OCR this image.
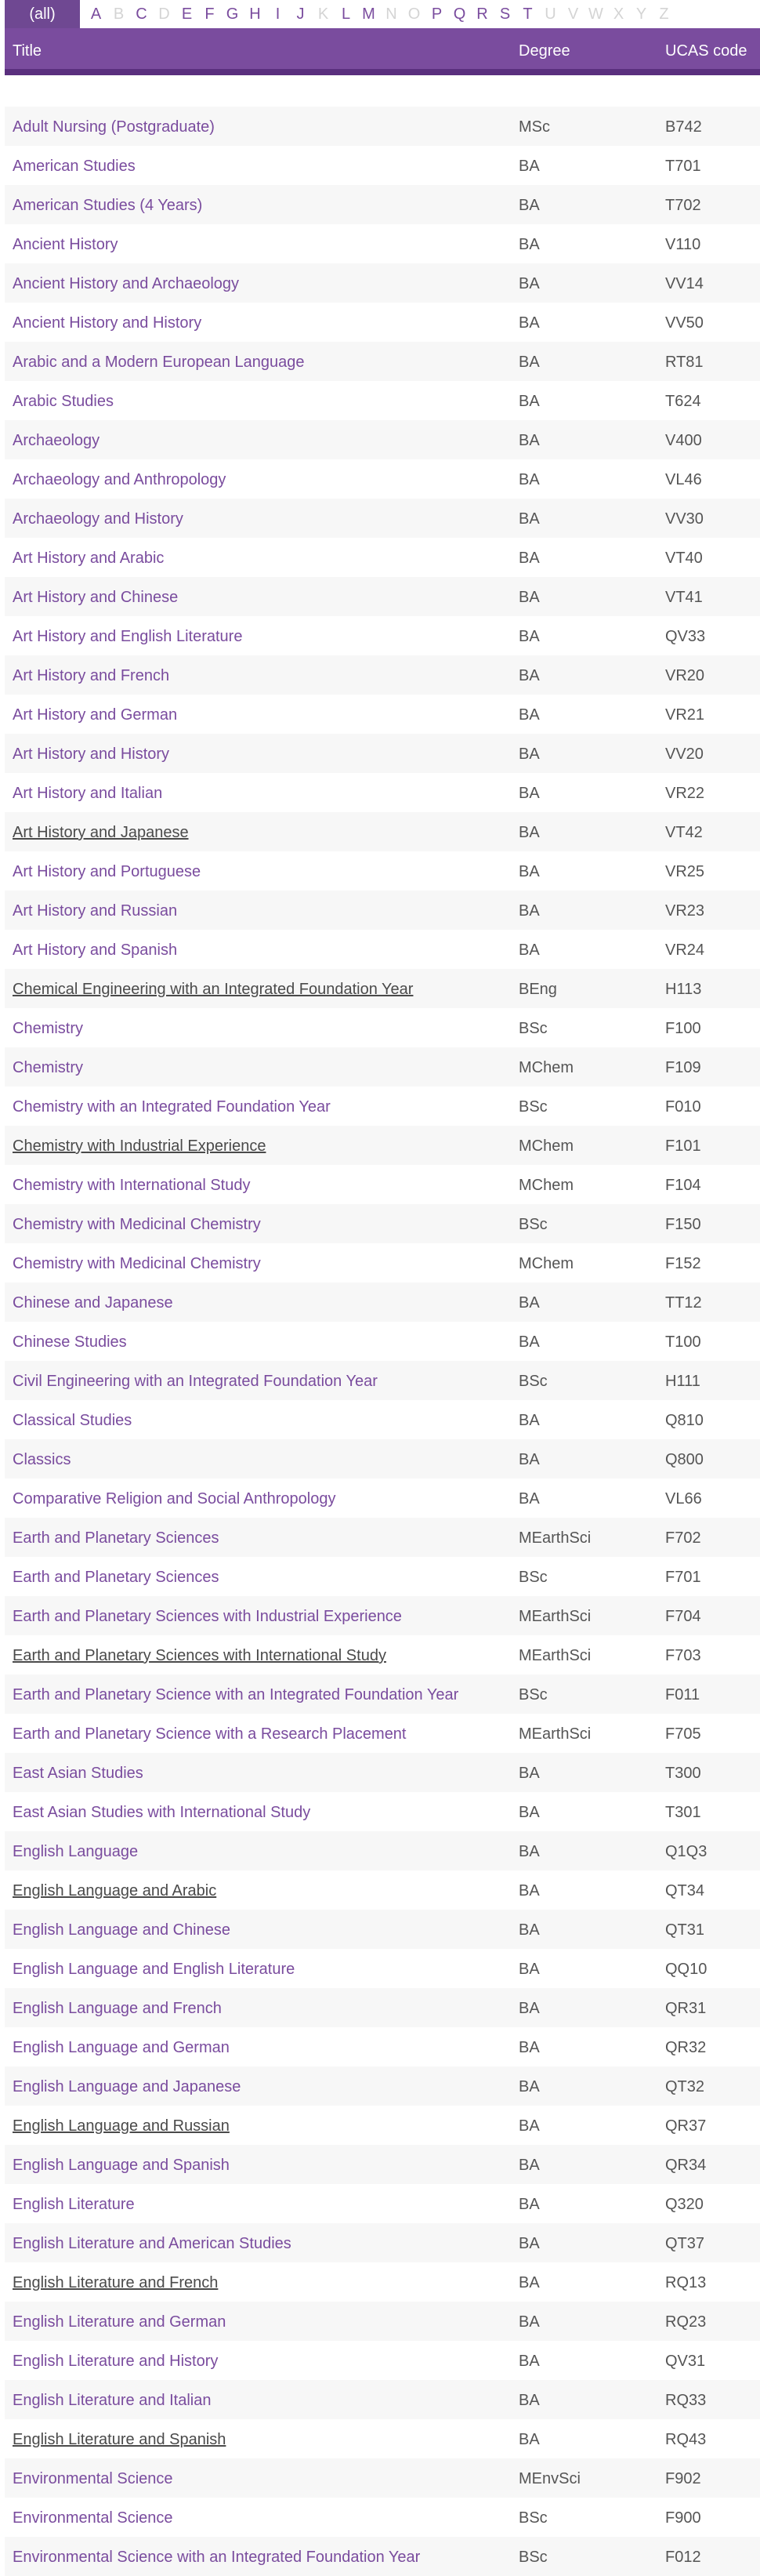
(all)	A B C D E F G H I	J K L M N O P Q R S T U V W X Y Z
Title	Degree	UCAS code
Adult Nursing (Postgraduate)	MSc	B742
American Studies	BA	T701
American Studies (4 Years)	BA	T702
Ancient History	BA	V110
Ancient History and Archaeology	BA	VV14
Ancient History and History	BA	VV50
Arabic and a Modern European Language	BA	RT81
Arabic Studies	BA	T624
Archaeology	BA	V400
Archaeology and Anthropology	BA	VL46
Archaeology and History	BA	VV30
Art History and Arabic	BA	VT40
Art History and Chinese	BA	VT41
Art History and English Literature	BA	QV33
Art History and French	BA	VR20
Art History and German	BA	VR21
Art History and History	BA	VV20
Art History and Italian	BA	VR22
Art History and Japanese	BA	VT42
Art History and Portuguese	BA	VR25
Art History and Russian	BA	VR23
Art History and Spanish	BA	VR24
Chemical Engineering with an Integrated Foundation Year	BEng	H113
Chemistry	BSc	F100
Chemistry	MChem	F109
Chemistry with an Integrated Foundation Year	BSc	F010
Chemistry with Industrial Experience	MChem	F101
Chemistry with International Study	MChem	F104
Chemistry with Medicinal Chemistry	BSc	F150
Chemistry with Medicinal Chemistry	MChem	F152
Chinese and Japanese	BA	TT12
Chinese Studies	BA	T100
Civil Engineering with an Integrated Foundation Year	BSc	H111
Classical Studies	BA	Q810
Classics	BA	Q800
Comparative Religion and Social Anthropology	BA	VL66
Earth and Planetary Sciences	MEarthSci	F702
Earth and Planetary Sciences	BSc	F701
Earth and Planetary Sciences with Industrial Experience	MEarthSci	F704
Earth and Planetary Sciences with International Study	MEarthSci	F703
Earth and Planetary Science with an Integrated Foundation Year	BSc	F011
Earth and Planetary Science with a Research Placement	MEarthSci	F705
East Asian Studies	BA	T300
East Asian Studies with International Study	BA	T301
English Language	BA	Q1Q3
English Language and Arabic	BA	QT34
English Language and Chinese	BA	QT31
English Language and English Literature	BA	QQ10
English Language and French	BA	QR31
English Language and German	BA	QR32
English Language and Japanese	BA	QT32
English Language and Russian	BA	QR37
English Language and Spanish	BA	QR34
English Literature	BA	Q320
English Literature and American Studies	BA	QT37
English Literature and French	BA	RQ13
English Literature and German	BA	RQ23
English Literature and History	BA	QV31
English Literature and Italian	BA	RQ33
English Literature and Spanish	BA	RQ43
Environmental Science	MEnvSci	F902
Environmental Science	BSc	F900
Environmental Science with an Integrated Foundation Year	BSc	F012
